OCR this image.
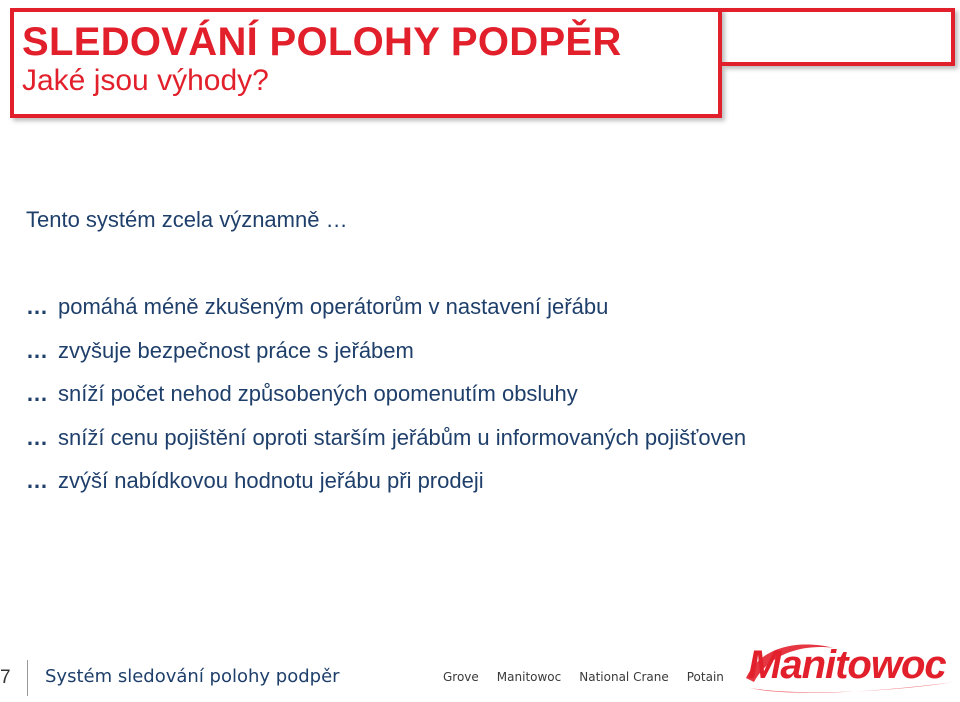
SLEDOVÁNÍ POLOHY PODPĚR
Jaké jsou výhody?

Tento systém zcela významně …

… pomáhá méně zkušeným operátorům v nastavení jeřábu
… zvyšuje bezpečnost práce s jeřábem
… sníží počet nehod způsobených opomenutím obsluhy
… sníží cenu pojištění oproti starším jeřábům u informovaných pojišťoven
… zvýší nabídkovou hodnotu jeřábu při prodeji
7 Systém sledování polohy podpěr	Grove Manitowoc National Crane Potain Manitowoc
